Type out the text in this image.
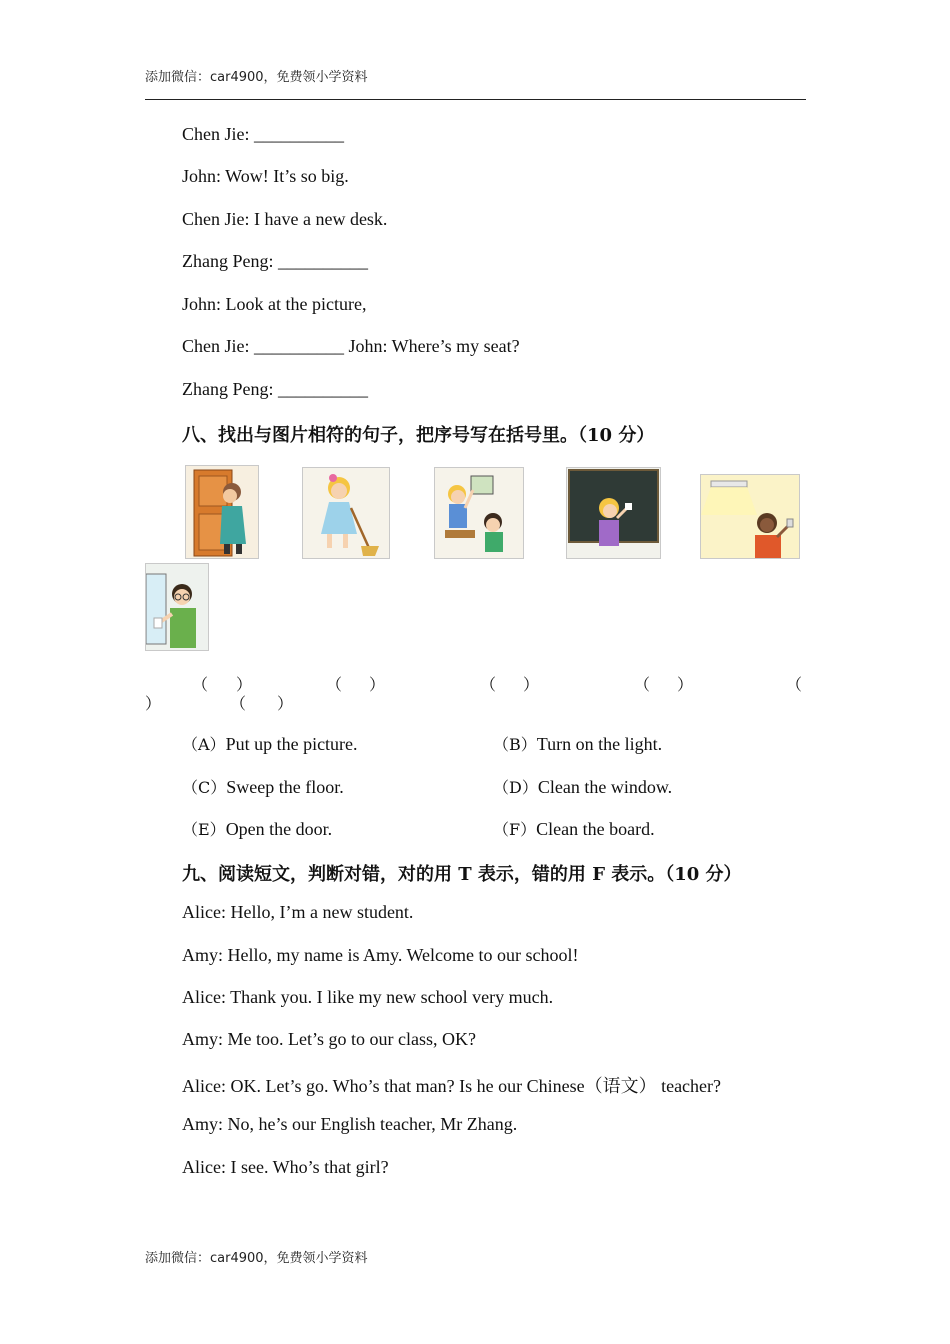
添加微信：car4900，免费领小学资料
Chen Jie: __________
John: Wow! It’s so big.
Chen Jie: I have a new desk.
Zhang Peng: __________
John: Look at the picture,
Chen Jie: __________ John: Where’s my seat?
Zhang Peng: __________
八、找出与图片相符的句子，把序号写在括号里。（10 分）
（ ）	（ ）	（ ）	（ ）	（
）	（ ）
（A）Put up the picture.	（B）Turn on the light.
（C）Sweep the floor.	（D）Clean the window.
（E）Open the door.	（F）Clean the board.
九、阅读短文，判断对错，对的用 T 表示，错的用 F 表示。（10 分）
Alice: Hello, I’m a new student.
Amy: Hello, my name is Amy. Welcome to our school!
Alice: Thank you. I like my new school very much.
Amy: Me too. Let’s go to our class, OK?
Alice: OK. Let’s go. Who’s that man? Is he our Chinese（语文） teacher?
Amy: No, he’s our English teacher, Mr Zhang.
Alice: I see. Who’s that girl?
添加微信：car4900，免费领小学资料
